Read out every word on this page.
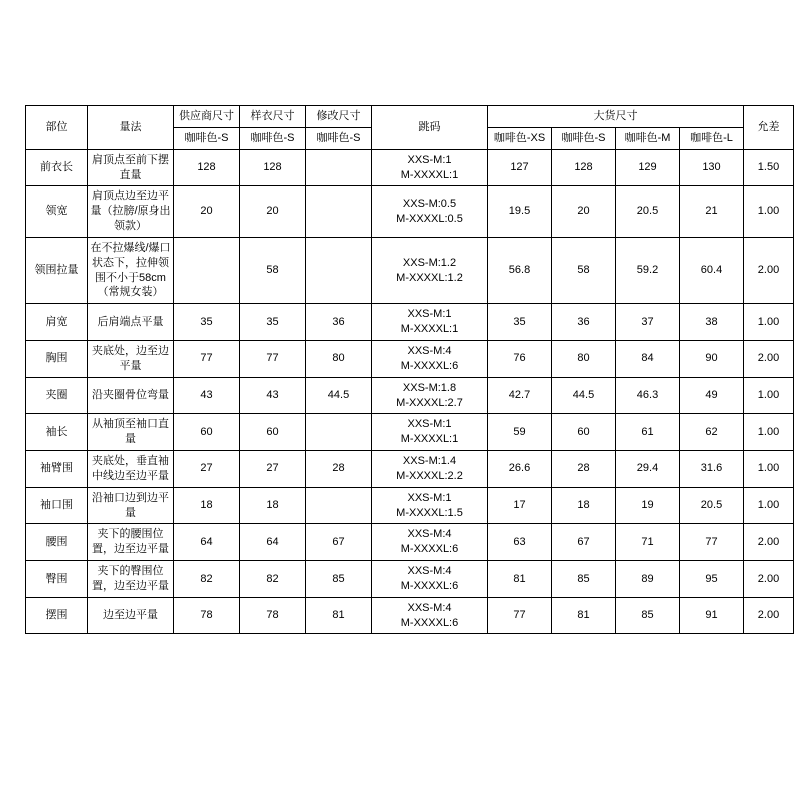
部位	量法	供应商尺寸	样衣尺寸	修改尺寸	跳码	大货尺寸				允差
		咖啡色-S	咖啡色-S	咖啡色-S		咖啡色-XS	咖啡色-S	咖啡色-M	咖啡色-L	
前衣长	肩顶点至前下摆直量	128	128		XXS-M:1
M-XXXXL:1	127	128	129	130	1.50
领宽	肩顶点边至边平量（拉膀/原身出领款）	20	20		XXS-M:0.5
M-XXXXL:0.5	19.5	20	20.5	21	1.00
领围拉量	在不拉爆线/爆口状态下，拉伸领围不小于58cm（常规女装）		58		XXS-M:1.2
M-XXXXL:1.2	56.8	58	59.2	60.4	2.00
肩宽	后肩端点平量	35	35	36	XXS-M:1
M-XXXXL:1	35	36	37	38	1.00
胸围	夹底处，边至边平量	77	77	80	XXS-M:4
M-XXXXL:6	76	80	84	90	2.00
夹圈	沿夹圈骨位弯量	43	43	44.5	XXS-M:1.8
M-XXXXL:2.7	42.7	44.5	46.3	49	1.00
袖长	从袖顶至袖口直量	60	60		XXS-M:1
M-XXXXL:1	59	60	61	62	1.00
袖臂围	夹底处，垂直袖中线边至边平量	27	27	28	XXS-M:1.4
M-XXXXL:2.2	26.6	28	29.4	31.6	1.00
袖口围	沿袖口边到边平量	18	18		XXS-M:1
M-XXXXL:1.5	17	18	19	20.5	1.00
腰围	夹下的腰围位置，边至边平量	64	64	67	XXS-M:4
M-XXXXL:6	63	67	71	77	2.00
臀围	夹下的臀围位置，边至边平量	82	82	85	XXS-M:4
M-XXXXL:6	81	85	89	95	2.00
摆围	边至边平量	78	78	81	XXS-M:4
M-XXXXL:6	77	81	85	91	2.00
